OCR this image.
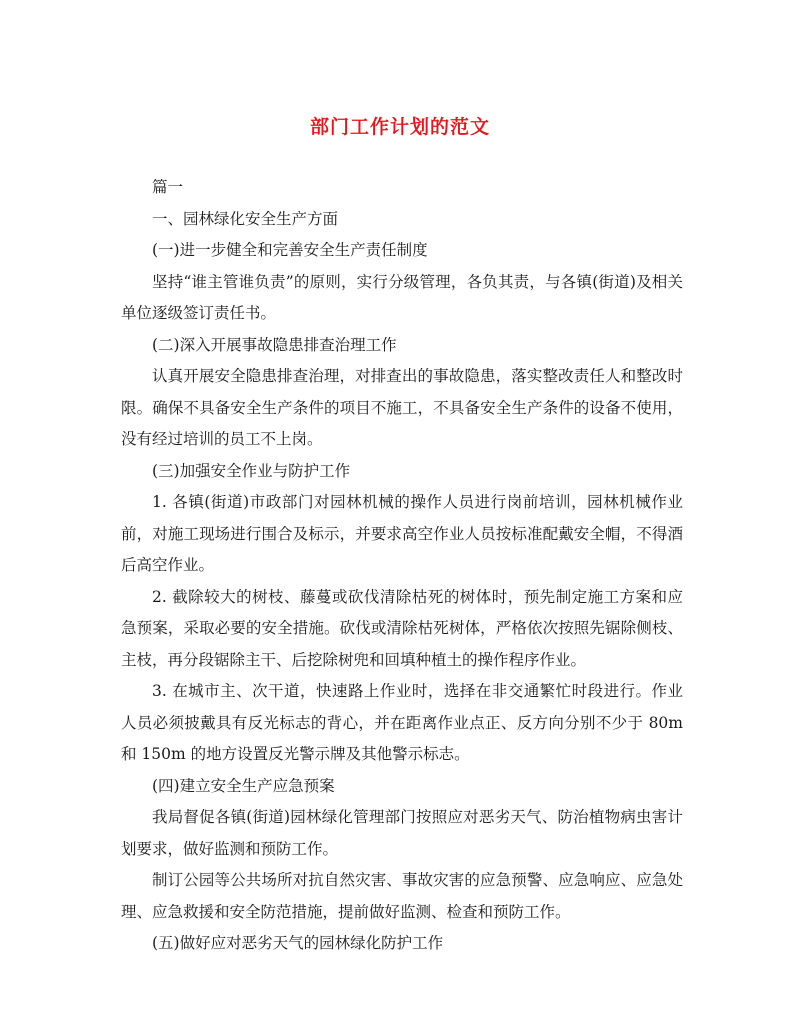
部门工作计划的范文

篇一

一、园林绿化安全生产方面

(一)进一步健全和完善安全生产责任制度

坚持“谁主管谁负责”的原则，实行分级管理，各负其责，与各镇(街道)及相关单位逐级签订责任书。

(二)深入开展事故隐患排查治理工作

认真开展安全隐患排查治理，对排查出的事故隐患，落实整改责任人和整改时限。确保不具备安全生产条件的项目不施工，不具备安全生产条件的设备不使用，没有经过培训的员工不上岗。

(三)加强安全作业与防护工作

1. 各镇(街道)市政部门对园林机械的操作人员进行岗前培训，园林机械作业前，对施工现场进行围合及标示，并要求高空作业人员按标准配戴安全帽，不得酒后高空作业。

2. 截除较大的树枝、藤蔓或砍伐清除枯死的树体时，预先制定施工方案和应急预案，采取必要的安全措施。砍伐或清除枯死树体，严格依次按照先锯除侧枝、主枝，再分段锯除主干、后挖除树兜和回填种植土的操作程序作业。

3. 在城市主、次干道，快速路上作业时，选择在非交通繁忙时段进行。作业人员必须披戴具有反光标志的背心，并在距离作业点正、反方向分别不少于 80m 和 150m 的地方设置反光警示牌及其他警示标志。

(四)建立安全生产应急预案

我局督促各镇(街道)园林绿化管理部门按照应对恶劣天气、防治植物病虫害计划要求，做好监测和预防工作。

制订公园等公共场所对抗自然灾害、事故灾害的应急预警、应急响应、应急处理、应急救援和安全防范措施，提前做好监测、检查和预防工作。

(五)做好应对恶劣天气的园林绿化防护工作
